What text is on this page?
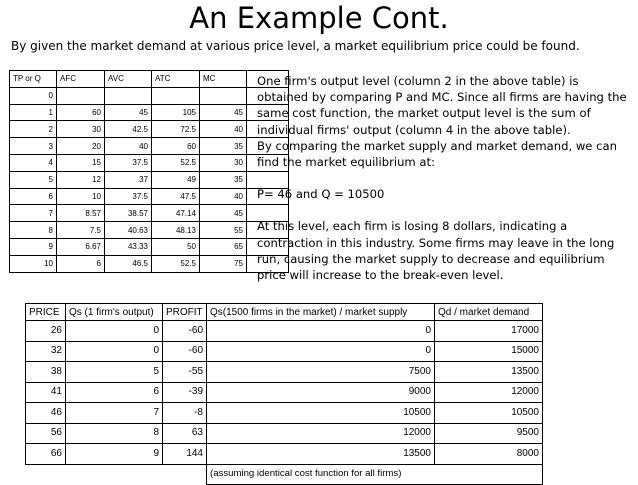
An Example Cont.
By given the market demand at various price level, a market equilibrium price could be found.
TP or Q	AFC	AVC	ATC	MC	
0					
1	60	45	105	45	
2	30	42.5	72.5	40	
3	20	40	60	35	
4	15	37.5	52.5	30	
5	12	37	49	35	
6	10	37.5	47.5	40	
7	8.57	38.57	47.14	45	
8	7.5	40.63	48.13	55	
9	6.67	43.33	50	65	
10	6	46.5	52.5	75	

One firm's output level (column 2 in the above table) is obtained by comparing P and MC. Since all firms are having the same cost function, the market output level is the sum of individual firms' output (column 4 in the above table).

By comparing the market supply and market demand, we can find the market equilibrium at:

P= 46 and Q = 10500

At this level, each firm is losing 8 dollars, indicating a contraction in this industry. Some firms may leave in the long run, causing the market supply to decrease and equilibrium price will increase to the break-even level.

PRICE	Qs (1 firm's output)	PROFIT	Qs(1500 firms in the market) / market supply	Qd / market demand
26	0	-60	0	17000
32	0	-60	0	15000
38	5	-55	7500	13500
41	6	-39	9000	12000
46	7	-8	10500	10500
56	8	63	12000	9500
66	9	144	13500	8000
			(assuming identical cost function for all firms)	
